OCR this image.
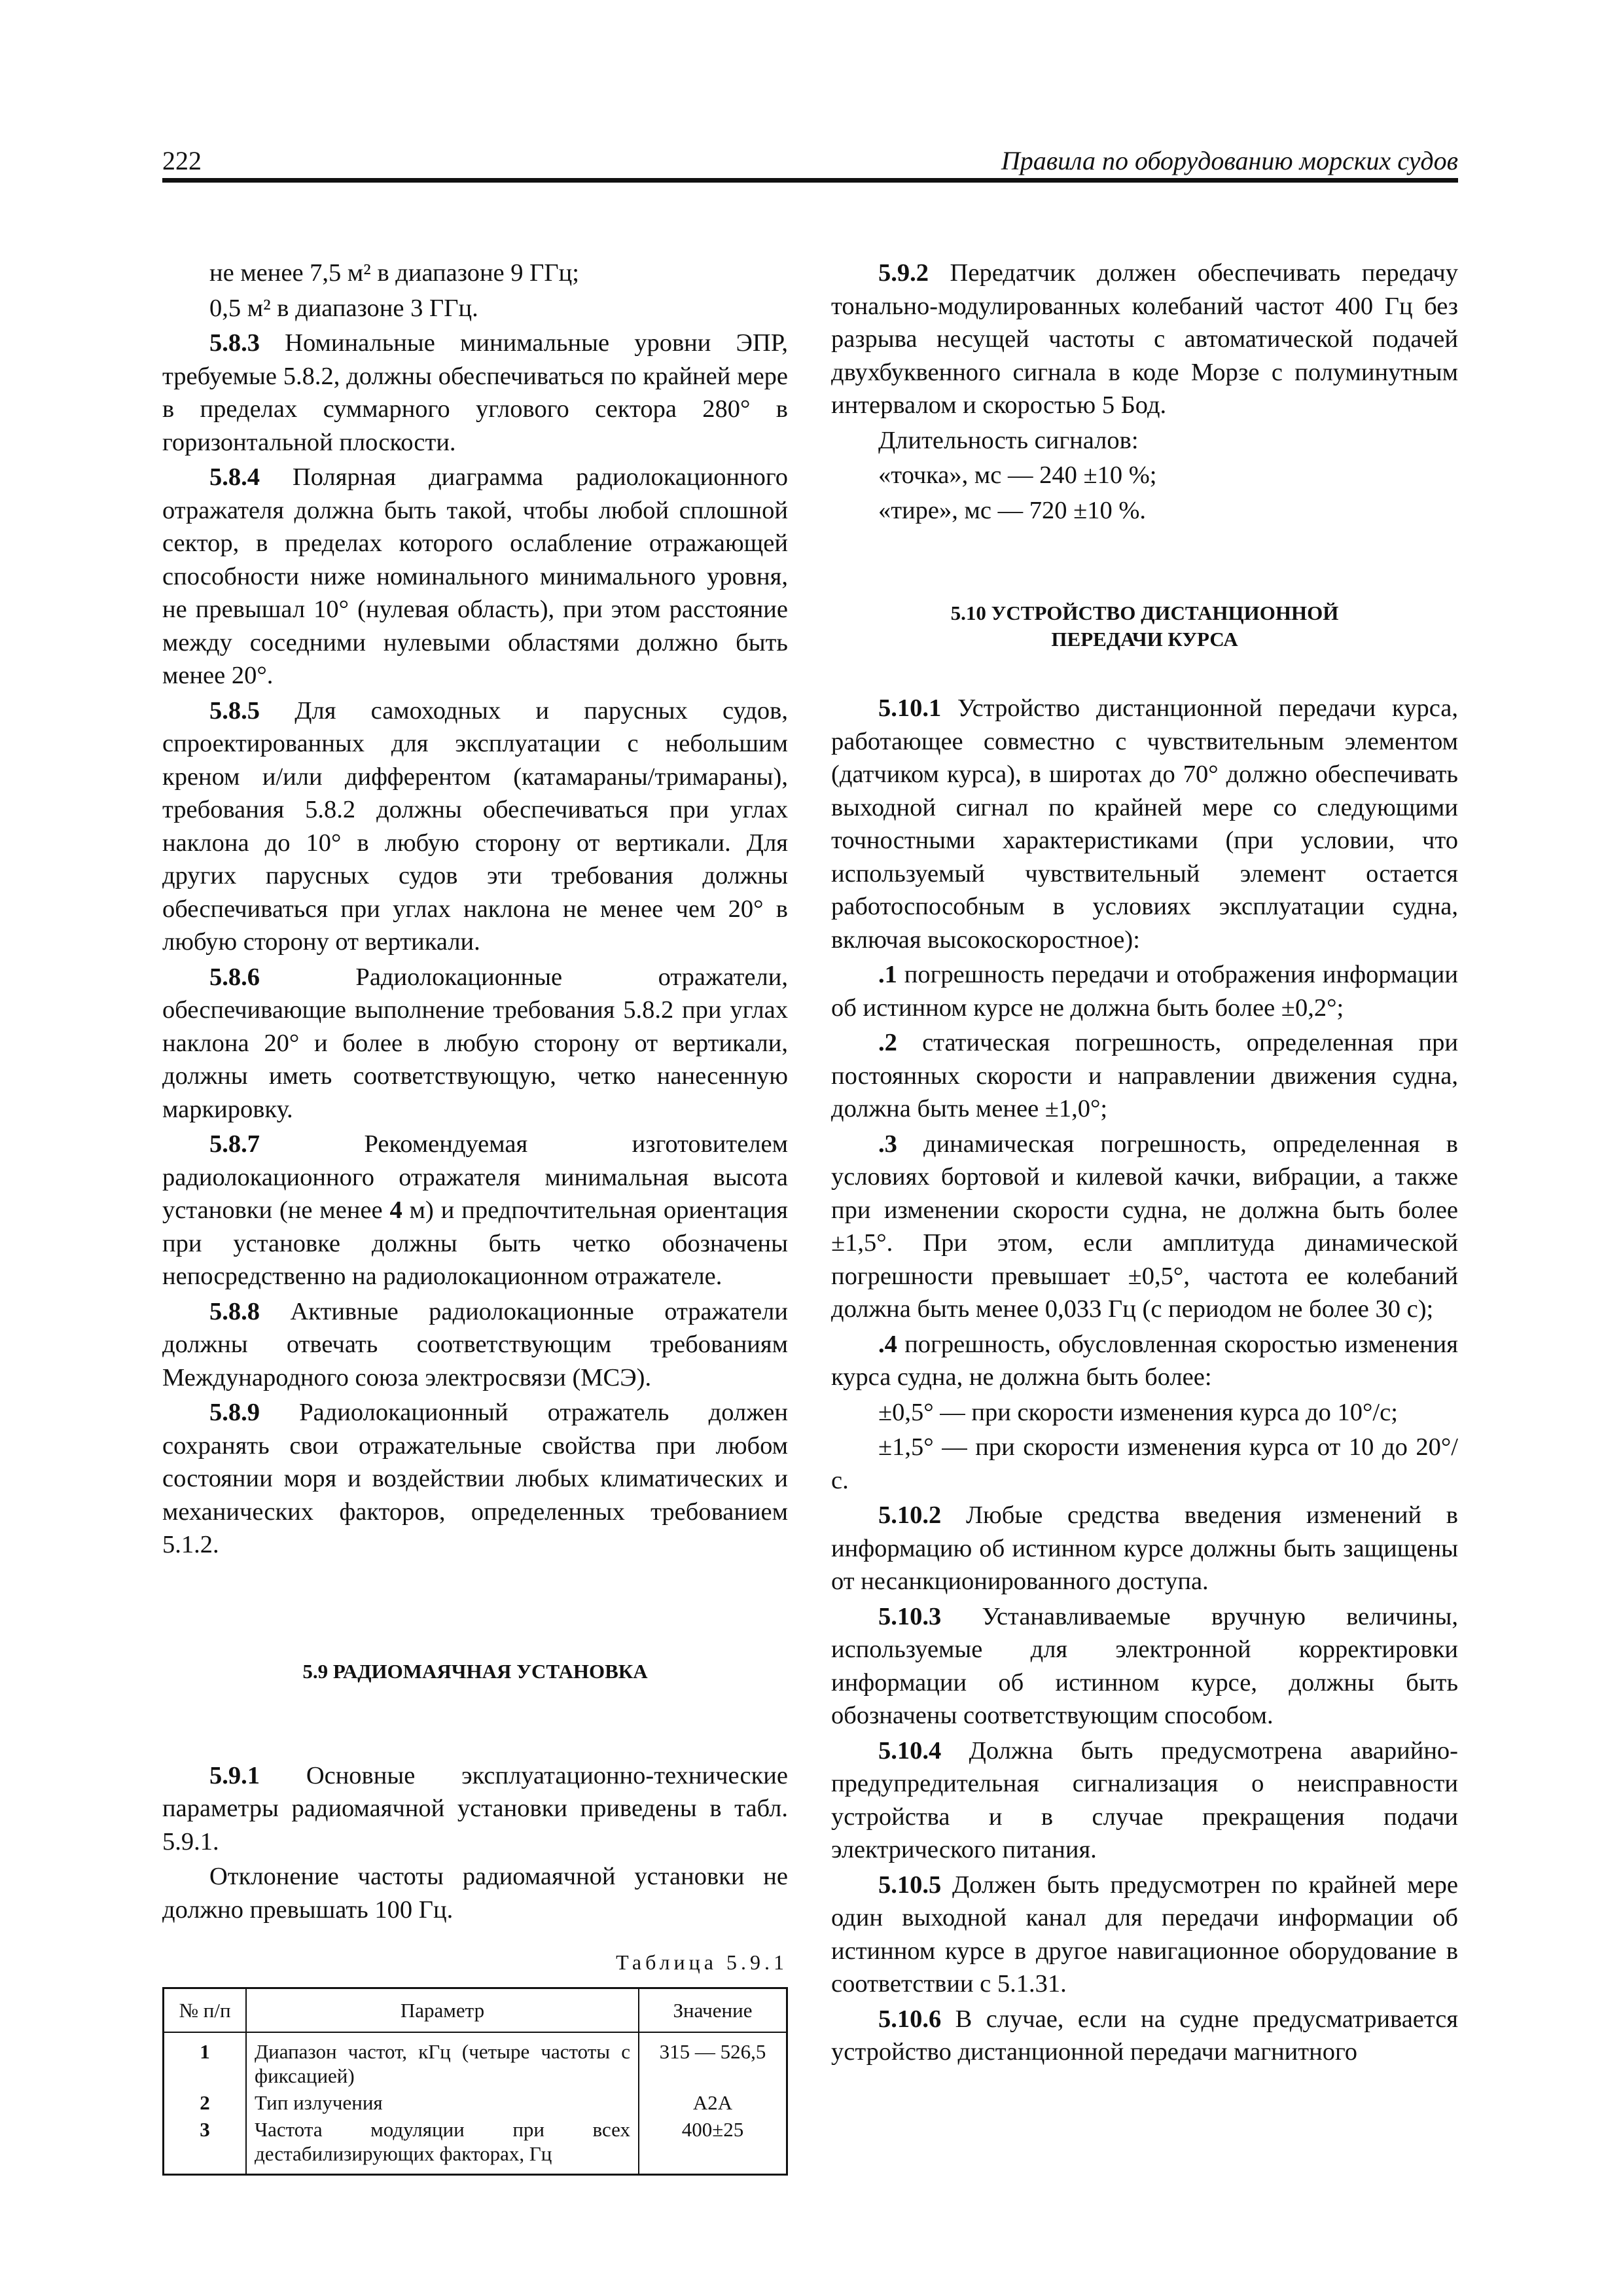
222	Правила по оборудованию морских судов

не менее 7,5 м² в диапазоне 9 ГГц;

0,5 м² в диапазоне 3 ГГц.

5.8.3 Номинальные минимальные уровни ЭПР, требуемые 5.8.2, должны обеспечиваться по крайней мере в пределах суммарного углового сектора 280° в горизонтальной плоскости.

5.8.4 Полярная диаграмма радиолокационного отражателя должна быть такой, чтобы любой сплошной сектор, в пределах которого ослабление отражающей способности ниже номинального минимального уровня, не превышал 10° (нулевая область), при этом расстояние между соседними нулевыми областями должно быть менее 20°.

5.8.5 Для самоходных и парусных судов, спроектированных для эксплуатации с небольшим креном и/или дифферентом (катамараны/тримараны), требования 5.8.2 должны обеспечиваться при углах наклона до 10° в любую сторону от вертикали. Для других парусных судов эти требования должны обеспечиваться при углах наклона не менее чем 20° в любую сторону от вертикали.

5.8.6 Радиолокационные отражатели, обеспечивающие выполнение требования 5.8.2 при углах наклона 20° и более в любую сторону от вертикали, должны иметь соответствующую, четко нанесенную маркировку.

5.8.7 Рекомендуемая изготовителем радиолокационного отражателя минимальная высота установки (не менее 4 м) и предпочтительная ориентация при установке должны быть четко обозначены непосредственно на радиолокационном отражателе.

5.8.8 Активные радиолокационные отражатели должны отвечать соответствующим требованиям Международного союза электросвязи (МСЭ).

5.8.9 Радиолокационный отражатель должен сохранять свои отражательные свойства при любом состоянии моря и воздействии любых климатических и механических факторов, определенных требованием 5.1.2.

5.9 РАДИОМАЯЧНАЯ УСТАНОВКА

5.9.1 Основные эксплуатационно-технические параметры радиомаячной установки приведены в табл. 5.9.1.

Отклонение частоты радиомаячной установки не должно превышать 100 Гц.

Таблица 5.9.1

№ п/п	Параметр	Значение
1	Диапазон частот, кГц (четыре частоты с фиксацией)	315 — 526,5
2	Тип излучения	A2A
3	Частота модуляции при всех дестабилизирующих факторах, Гц	400±25

5.9.2 Передатчик должен обеспечивать передачу тонально-модулированных колебаний частот 400 Гц без разрыва несущей частоты с автоматической подачей двухбуквенного сигнала в коде Морзе с полуминутным интервалом и скоростью 5 Бод.

Длительность сигналов:

«точка», мс — 240 ±10 %;

«тире», мс — 720 ±10 %.

5.10 УСТРОЙСТВО ДИСТАНЦИОННОЙ
ПЕРЕДАЧИ КУРСА

5.10.1 Устройство дистанционной передачи курса, работающее совместно с чувствительным элементом (датчиком курса), в широтах до 70° должно обеспечивать выходной сигнал по крайней мере со следующими точностными характеристиками (при условии, что используемый чувствительный элемент остается работоспособным в условиях эксплуатации судна, включая высокоскоростное):

.1 погрешность передачи и отображения информации об истинном курсе не должна быть более ±0,2°;

.2 статическая погрешность, определенная при постоянных скорости и направлении движения судна, должна быть менее ±1,0°;

.3 динамическая погрешность, определенная в условиях бортовой и килевой качки, вибрации, а также при изменении скорости судна, не должна быть более ±1,5°. При этом, если амплитуда динамической погрешности превышает ±0,5°, частота ее колебаний должна быть менее 0,033 Гц (с периодом не более 30 с);

.4 погрешность, обусловленная скоростью изменения курса судна, не должна быть более:

±0,5° — при скорости изменения курса до 10°/с;

±1,5° — при скорости изменения курса от 10 до 20°/с.

5.10.2 Любые средства введения изменений в информацию об истинном курсе должны быть защищены от несанкционированного доступа.

5.10.3 Устанавливаемые вручную величины, используемые для электронной корректировки информации об истинном курсе, должны быть обозначены соответствующим способом.

5.10.4 Должна быть предусмотрена аварийно-предупредительная сигнализация о неисправности устройства и в случае прекращения подачи электрического питания.

5.10.5 Должен быть предусмотрен по крайней мере один выходной канал для передачи информации об истинном курсе в другое навигационное оборудование в соответствии с 5.1.31.

5.10.6 В случае, если на судне предусматривается устройство дистанционной передачи магнитного
